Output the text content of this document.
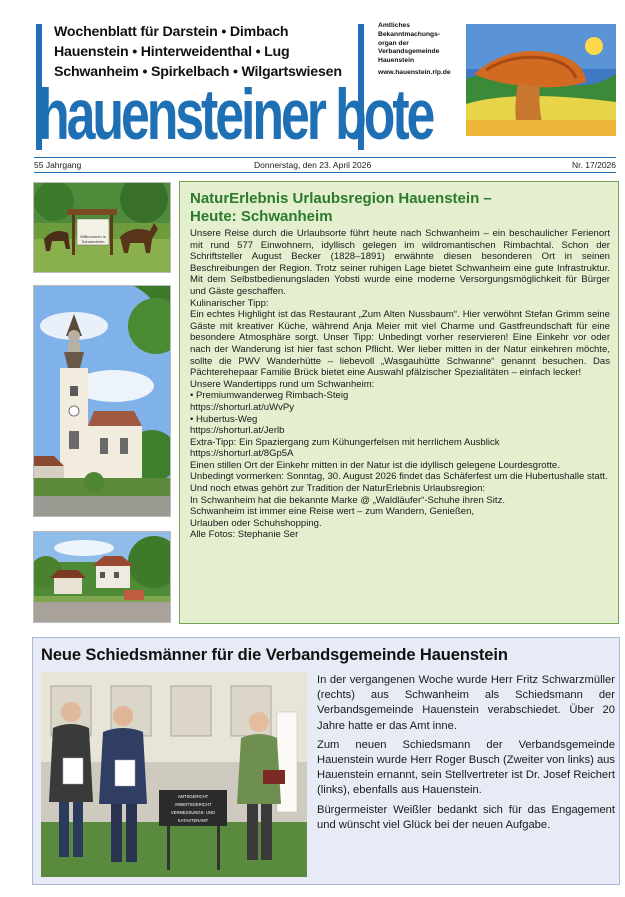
Wochenblatt für Darstein • Dimbach
Hauenstein • Hinterweidenthal • Lug
Schwanheim • Spirkelbach • Wilgartswiesen
Amtliches
Bekanntmachungs-
organ der
Verbandsgemeinde
Hauenstein
www.hauenstein.rlp.de
hauensteiner bote
55 Jahrgang	Donnerstag, den 23. April 2026	Nr. 17/2026
Willkommen in
Schwanheim
NaturErlebnis Urlaubsregion Hauenstein –
Heute: Schwanheim

Unsere Reise durch die Urlaubsorte führt heute nach Schwanheim – ein beschaulicher Ferienort mit rund 577 Einwohnern, idyllisch gelegen im wildromantischen Rimbachtal. Schon der Schriftsteller August Becker (1828–1891) erwähnte diesen besonderen Ort in seinen Beschreibungen der Region. Trotz seiner ruhigen Lage bietet Schwanheim eine gute Infrastruktur. Mit dem Selbstbedienungsladen Yobsti wurde eine moderne Versorgungsmöglichkeit für Bürger und Gäste geschaffen.

Kulinarischer Tipp:

Ein echtes Highlight ist das Restaurant „Zum Alten Nussbaum“. Hier verwöhnt Stefan Grimm seine Gäste mit kreativer Küche, während Anja Meier mit viel Charme und Gastfreundschaft für eine besondere Atmosphäre sorgt. Unser Tipp: Unbedingt vorher reservieren! Eine Einkehr vor oder nach der Wanderung ist hier fast schon Pflicht. Wer lieber mitten in der Natur einkehren möchte, sollte die PWV Wanderhütte – liebevoll „Wasgauhütte Schwanne“ genannt besuchen. Das Pächterehepaar Familie Brück bietet eine Auswahl pfälzischer Spezialitäten – einfach lecker!

Unsere Wandertipps rund um Schwanheim:

• Premiumwanderweg Rimbach-Steig

https://shorturl.at/uWvPy

• Hubertus-Weg

https://shorturl.at/Jerlb

Extra-Tipp: Ein Spaziergang zum Kühungerfelsen mit herrlichem Ausblick

https://shorturl.at/8Gp5A

Einen stillen Ort der Einkehr mitten in der Natur ist die idyllisch gelegene Lourdesgrotte.

Unbedingt vormerken: Sonntag, 30. August 2026 findet das Schäferfest um die Hubertushalle statt.

Und noch etwas gehört zur Tradition der NaturErlebnis Urlaubsregion:

In Schwanheim hat die bekannte Marke @ „Waldläufer“-Schuhe ihren Sitz.

Schwanheim ist immer eine Reise wert – zum Wandern, Genießen,

Urlauben oder Schuhshopping.

Alle Fotos: Stephanie Ser

Neue Schiedsmänner für die Verbandsgemeinde Hauenstein
AMTSGERICHT
ARBEITSGERICHT
VERMESSUNGS- UND
KATASTERAMT

In der vergangenen Woche wurde Herr Fritz Schwarzmüller (rechts) aus Schwanheim als Schiedsmann der Verbandsgemeinde Hauenstein verabschiedet. Über 20 Jahre hatte er das Amt inne.

Zum neuen Schiedsmann der Verbandsgemeinde Hauenstein wurde Herr Roger Busch (Zweiter von links) aus Hauenstein ernannt, sein Stellvertreter ist Dr. Josef Reichert (links), ebenfalls aus Hauenstein.

Bürgermeister Weißler bedankt sich für das Engagement und wünscht viel Glück bei der neuen Aufgabe.
